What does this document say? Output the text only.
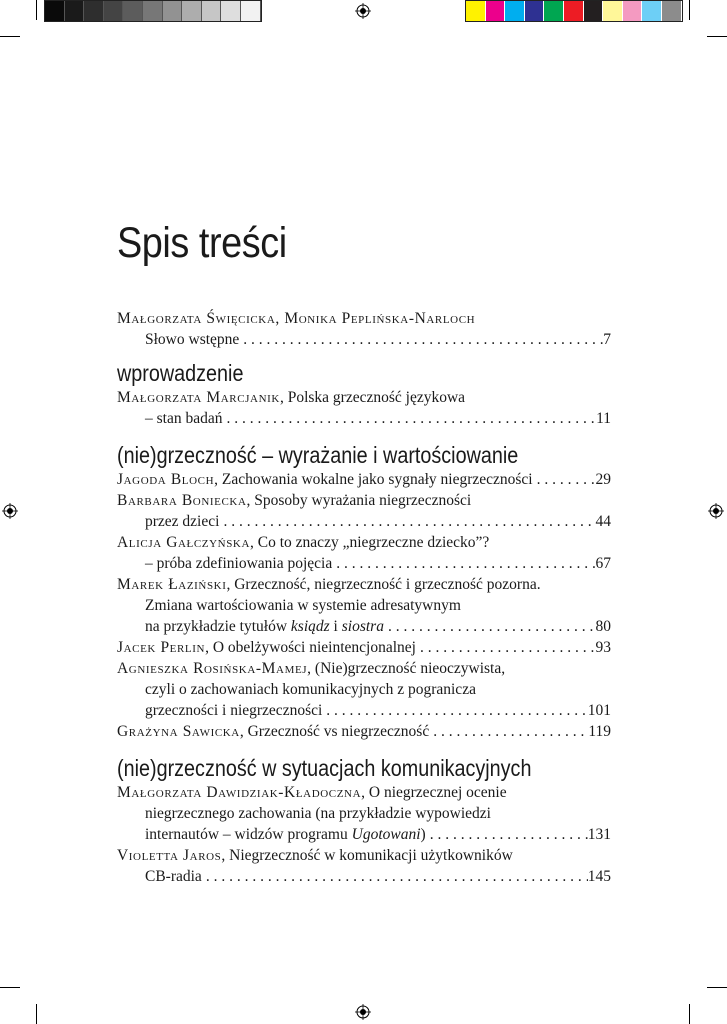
Spis treści
Małgorzata Święcicka, Monika Peplińska-Narloch
Słowo wstępne . . .	7
wprowadzenie
Małgorzata Marcjanik, Polska grzeczność językowa
– stan badań . . .	11
(nie)grzeczność – wyrażanie i wartościowanie
Jagoda Bloch, Zachowania wokalne jako sygnały niegrzeczności . . .	29
Barbara Boniecka, Sposoby wyrażania niegrzeczności
przez dzieci . . .	44
Alicja Gałczyńska, Co to znaczy „niegrzeczne dziecko”?
– próba zdefiniowania pojęcia . . .	67
Marek Łaziński, Grzeczność, niegrzeczność i grzeczność pozorna.
Zmiana wartościowania w systemie adresatywnym
na przykładzie tytułów ksiądz i siostra . . .	80
Jacek Perlin, O obelżywości nieintencjonalnej . . .	93
Agnieszka Rosińska-Mamej, (Nie)grzeczność nieoczywista,
czyli o zachowaniach komunikacyjnych z pogranicza
grzeczności i niegrzeczności . . .	101
Grażyna Sawicka, Grzeczność vs niegrzeczność . . .	119
(nie)grzeczność w sytuacjach komunikacyjnych
Małgorzata Dawidziak-Kładoczna, O niegrzecznej ocenie
niegrzecznego zachowania (na przykładzie wypowiedzi
internautów – widzów programu Ugotowani) . . .	131
Violetta Jaros, Niegrzeczność w komunikacji użytkowników
CB-radia . . .	145
